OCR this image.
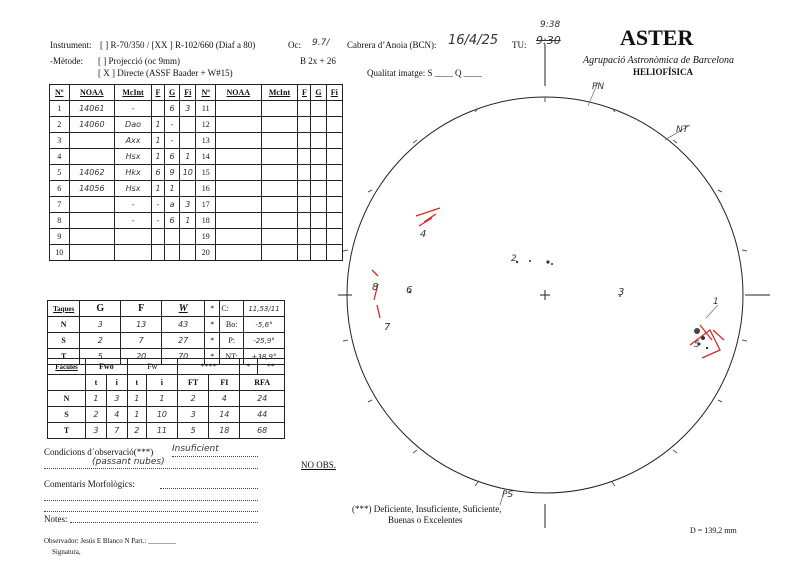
Instrument: [ ] R-70/350 / [XX ] R-102/660 (Diaf a 80)	Oc: 9.7/ Cabrera d’Anoia (BCN): 16/4/25 TU:
9:38
9:30
-Mètode: [ ] Projecció (oc 9mm)
[ X ] Directe (ASSF Baader + W#15)
B 2x + 26
Qualitat imatge: S ____ Q ____
ASTER
Agrupació Astronòmica de Barcelona
HELIOFÍSICA
Nº	NOAA	McInt	F	G	Fi	Nº	NOAA	McInt	F	G	Fi
1	14061	-		6	3	11					
2	14060	Dao	1	-		12					
3		Axx	1	-		13					
4		Hsx	1	6	1	14					
5	14062	Hkx	6	9	10	15					
6	14056	Hsx	1	1		16					
7		-	-	a	3	17					
8		-	-	6	1	18					
9						19					
10						20					
Taques	G	F	W	*	C:	11,53/11
N	3	13	43	*	Bo:	-5,6°
S	2	7	27	*	P:	-25,9°
T	5	20	70	*	NT:	+38,9°
Fàcules	Fwo		Fw		****		*	**
	t	i	t	i	FT	FI	RFA	
N	1	3	1	1	2	4	24	
S	2	4	1	10	3	14	44	
T	3	7	2	11	5	18	68	
Condicions d´observació(***) Insuficient
(passant nubes)
Comentaris Morfològics:
Notes:
NO OBS.
(***) Deficiente, Insuficiente, Suficiente,
Buenas o Excelentes
Observador: Jesús E Blanco N Part.: ________
Signatura,
D = 139,2 mm
PN
NT
PS
2
3
4
5
6
7
8
1
